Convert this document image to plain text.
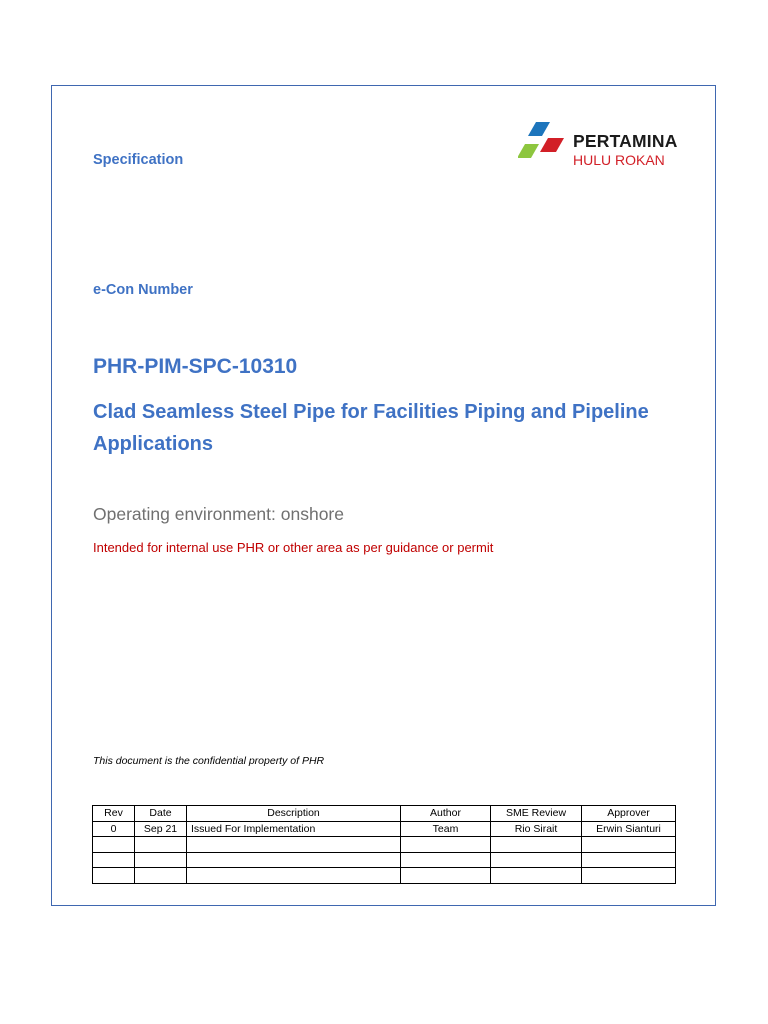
PERTAMINA
HULU ROKAN
Specification
e-Con Number
PHR-PIM-SPC-10310
Clad Seamless Steel Pipe for Facilities Piping and Pipeline Applications
Operating environment: onshore
Intended for internal use PHR or other area as per guidance or permit
This document is the confidential property of PHR
Rev	Date	Description	Author	SME Review	Approver
0	Sep 21	Issued For Implementation	Team	Rio Sirait	Erwin Sianturi
